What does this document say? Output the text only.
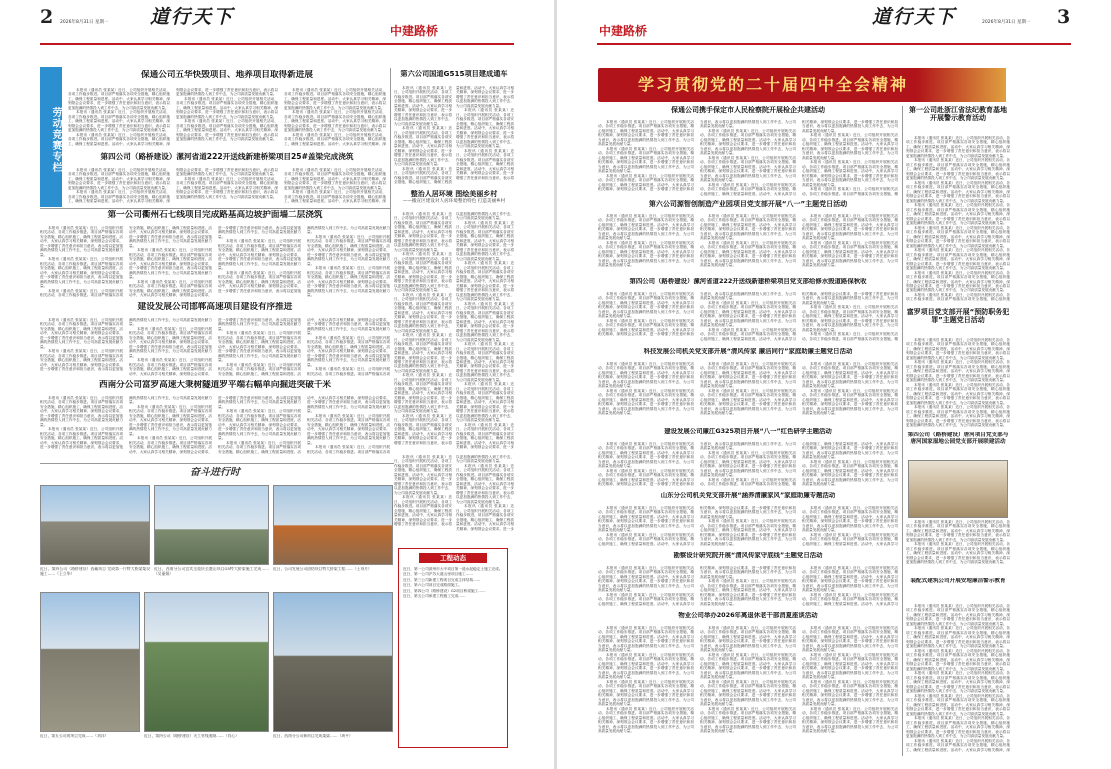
2 2026年8月31日 星期一 道行天下
中建路桥
劳动竞赛专栏
保通公司五华快毁项目、地养项目取得新进展

本报讯（通讯员 张某某）近日，公司组织开展相关活动，各项工作稳步推进。项目部严格落实各项安全措施，精心组织施工，确保工程质量和进度。活动中，大家认真学习相关精神，深刻领会会议要求，进一步增强了责任意识和担当意识，表示将以更加饱满的热情投入到工作中去，为公司高质量发展贡献力量。

本报讯（通讯员 张某某）近日，公司组织开展相关活动，各项工作稳步推进。项目部严格落实各项安全措施，精心组织施工，确保工程质量和进度。活动中，大家认真学习相关精神，深刻领会会议要求，进一步增强了责任意识和担当意识，表示将以更加饱满的热情投入到工作中去，为公司高质量发展贡献力量。

本报讯（通讯员 张某某）近日，公司组织开展相关活动，各项工作稳步推进。项目部严格落实各项安全措施，精心组织施工，确保工程质量和进度。活动中，大家认真学习相关精神，深刻领会会议要求，进一步增强了责任意识和担当意识，表示将以更加饱满的热情投入到工作中去，为公司高质量发展贡献力量。

本报讯（通讯员 张某某）近日，公司组织开展相关活动，各项工作稳步推进。项目部严格落实各项安全措施，精心组织施工，确保工程质量和进度。活动中，大家认真学习相关精神，深刻领会会议要求，进一步增强了责任意识和担当意识，表示将以更加饱满的热情投入到工作中去，为公司高质量发展贡献力量。

本报讯（通讯员 张某某）近日，公司组织开展相关活动，各项工作稳步推进。项目部严格落实各项安全措施，精心组织施工，确保工程质量和进度。活动中，大家认真学习相关精神，深刻领会会议要求，进一步增强了责任意识和担当意识，表示将以更加饱满的热情投入到工作中去，为公司高质量发展贡献力量。

本报讯（通讯员 张某某）近日，公司组织开展相关活动，各项工作稳步推进。项目部严格落实各项安全措施，精心组织施工，确保工程质量和进度。活动中，大家认真学习相关精神，深刻领会会议要求，进一步增强了责任意识和担当意识，表示将以更加饱满的热情投入到工作中去，为公司高质量发展贡献力量。

本报讯（通讯员 张某某）近日，公司组织开展相关活动，各项工作稳步推进。项目部严格落实各项安全措施，精心组织施工，确保工程质量和进度。活动中，大家认真学习相关精神，深刻领会会议要求，进一步增强了责任意识和担当意识，表示将以更加饱满的热情投入到工作中去，为公司高质量发展贡献力量。

本报讯（通讯员 张某某）近日，公司组织开展相关活动，各项工作稳步推进。项目部严格落实各项安全措施，精心组织施工，确保工程质量和进度。活动中，大家认真学习相关精神，深

第四公司（路桥建设）漯河省道222开送线新建桥梁项目25#盖梁完成浇筑

本报讯（通讯员 张某某）近日，公司组织开展相关活动，各项工作稳步推进。项目部严格落实各项安全措施，精心组织施工，确保工程质量和进度。活动中，大家认真学习相关精神，深刻领会会议要求，进一步增强了责任意识和担当意识，表示将以更加饱满的热情投入到工作中去，为公司高质量发展贡献力量。

本报讯（通讯员 张某某）近日，公司组织开展相关活动，各项工作稳步推进。项目部严格落实各项安全措施，精心组织施工，确保工程质量和进度。活动中，大家认真学习相关精神，深刻领会会议要求，进一步增强了责任意识和担当意识，表示将以更加饱满的热情投入到工作中去，为公司高质量发展贡献力量。

本报讯（通讯员 张某某）近日，公司组织开展相关活动，各项工作稳步推进。项目部严格落实各项安全措施，精心组织施工，确保工程质量和进度。活动中，大家认真学习相关精神，深刻领会会议要求，进一步增强了责任意识和担当意识，表示将以更加饱满的热情投入到工作中去，为公司高质量发展贡献力量。

本报讯（通讯员 张某某）近日，公司组织开展相关活动，各项工作稳步推进。项目部严格落实各项安全措施，精心组织施工，确保工程质量和进度。活动中，大家认真学习相关精神，深刻领会会议要求，进一步增强了责任意识和担当意识，表示将以更加饱满的热情投入到工作中去，为公司高质量发展贡献力量。

本报讯（通讯员 张某某）近日，公司组织开展相关活动，各项工作稳步推进。项目部严格落实各项安全措施，精心组织施工，确保工程质量和进度。活动中，大家认真学习相关精神，深

第六公司国道G515项目建成通车

本报讯（通讯员 张某某）近日，公司组织开展相关活动，各项工作稳步推进。项目部严格落实各项安全措施，精心组织施工，确保工程质量和进度。活动中，大家认真学习相关精神，深刻领会会议要求，进一步增强了责任意识和担当意识，表示将以更加饱满的热情投入到工作中去，为公司高质量发展贡献力量。

本报讯（通讯员 张某某）近日，公司组织开展相关活动，各项工作稳步推进。项目部严格落实各项安全措施，精心组织施工，确保工程质量和进度。活动中，大家认真学习相关精神，深刻领会会议要求，进一步增强了责任意识和担当意识，表示将以更加饱满的热情投入到工作中去，为公司高质量发展贡献力量。

本报讯（通讯员 张某某）近日，公司组织开展相关活动，各项工作稳步推进。项目部严格落实各项安全措施，精心组织施工，确保工程质量和进度。活动中，大家认真学习相关精神，深刻领会会议要求，进一步增强了责任意识和担当意识，表示将以更加饱满的热情投入到工作中去，为公司高质量发展贡献力量。

本报讯（通讯员 张某某）近日，公司组织开展相关活动，各项工作稳步推进。项目部严格落实各项安全措施，精心组织施工，确保工程质量和进度。活动中，大家认真学习相关精神，深刻领会会议要求，进一步增强了责任意识和担当意识，表示将以更加饱满的热情投入到工作中去，为公司高质量发展贡献力量。

本报讯（通讯员 张某某）近日，公司组织开展相关活动，各项工作稳步推进。项目部严格落实各项安全措施，精心组织施工，确保工程质量和进度。活动中，大家认真学习相关精神，深刻领会会议要求，进一步增强了责任意识和担当意识，表示将

整治人居环境 图绘美丽乡村
——搬宣区建设对人居环境整治特色 打造美丽乡村

本报讯（通讯员 张某某）近日，公司组织开展相关活动，各项工作稳步推进。项目部严格落实各项安全措施，精心组织施工，确保工程质量和进度。活动中，大家认真学习相关精神，深刻领会会议要求，进一步增强了责任意识和担当意识，表示将以更加饱满的热情投入到工作中去，为公司高质量发展贡献力量。

本报讯（通讯员 张某某）近日，公司组织开展相关活动，各项工作稳步推进。项目部严格落实各项安全措施，精心组织施工，确保工程质量和进度。活动中，大家认真学习相关精神，深刻领会会议要求，进一步增强了责任意识和担当意识，表示将以更加饱满的热情投入到工作中去，为公司高质量发展贡献力量。

本报讯（通讯员 张某某）近日，公司组织开展相关活动，各项工作稳步推进。项目部严格落实各项安全措施，精心组织施工，确保工程质量和进度。活动中，大家认真学习相关精神，深刻领会会议要求，进一步增强了责任意识和担当意识，表示将以更加饱满的热情投入到工作中去，为公司高质量发展贡献力量。

本报讯（通讯员 张某某）近日，公司组织开展相关活动，各项工作稳步推进。项目部严格落实各项安全措施，精心组织施工，确保工程质量和进度。活动中，大家认真学习相关精神，深刻领会会议要求，进一步增强了责任意识和担当意识，表示将以更加饱满的热情投入到工作中去，为公司高质量发展贡献力量。

本报讯（通讯员 张某某）近日，公司组织开展相关活动，各项工作稳步推进。项目部严格落实各项安全措施，精心组织施工，确保工程质量和进度。活动中，大家认真学习相关精神，深刻领会会议要求，进一步增强了责任意识和担当意识，表示将以更加饱满的热情投入到工作中去，为公司高质量发展贡献力量。

本报讯（通讯员 张某某）近日，公司组织开展相关活动，各项工作稳步推进。项目部严格落实各项安全措施，精心组织施工，确保工程质量和进度。活动中，大家认真学习相关精神，深刻领会会议要求，进一步增强了责任意识和担当意识，表示将以更加饱满的热情投入到工作中去，为公司高质量发展贡献力量。

本报讯（通讯员 张某某）近日，公司组织开展相关活动，各项工作稳步推进。项目部严格落实各项安全措施，精心组织施工，确保工程质量和进度。活动中，大家认真学习相关精神，深刻领会会议要求，进一步增强了责任意识和担当意识，表示将以更加饱满的热情投入到工作中去，为公司高质量发展贡献力量。

本报讯（通讯员 张某某）近日，公司组织开展相关活动，各项工作稳步推进。项目部严格落实各项安全措施，精心组织施工，确保工程质量和进度。活动中，大家认真学习相关精神，深刻领会会议要求，进一步增强了责任意识和担当意识，表示将以更加饱满的热情投入到工作中去，为公司高质量发展贡献力量。

本报讯（通讯员 张某某）近日，公司组织开展相关活动，各项工作稳步推进。项目部严格落实各项安全措施，精心组织施工，确保工程质量和进度。活动中，大家认真学习相关精神，深刻领会会议要求，进一步增强了责任意识和担当意识，表示将以更加饱满的热情投入到工作中去，为公司高质量发展贡献力量。

本报讯（通讯员 张某某）近日，公司组织开展相关活动，各项工作稳步推进。项目部严格落实各项安全措施，精心组织施工，确保工程质量和进度。活动中，大家认真学习相关精神，深刻领会会议要求，进一步增强了责任意识和担当意识，表示将以更加饱满的热情投入到工作中去，为公司高质量发展贡献力量。

本报讯（通讯员 张某某）近日，公司组织开展相关活动，各项工作稳步推进。项目部严格落实各项安全措施，精心组织施工，确保工程质量和进度。活动中，大家认真学习相关精神，深刻领会会议要求，进一步增强了责任意识和担当意识，表示将以更加饱满的热情投入到工作中去，为公司高质量发展贡献力量。

本报讯（通讯员 张某某）近日，公司组织开展相关活动，各项工作稳步推进。项目部严格落实各项安全措施，精心组织施工，确保工程质量和进度。活动中，大家认真学习相关精神，深刻领会会议要求，进一步

第一公司衢州石七线项目完成路基高边坡护面墙二层浇筑

本报讯（通讯员 张某某）近日，公司组织开展相关活动，各项工作稳步推进。项目部严格落实各项安全措施，精心组织施工，确保工程质量和进度。活动中，大家认真学习相关精神，深刻领会会议要求，进一步增强了责任意识和担当意识，表示将以更加饱满的热情投入到工作中去，为公司高质量发展贡献力量。

本报讯（通讯员 张某某）近日，公司组织开展相关活动，各项工作稳步推进。项目部严格落实各项安全措施，精心组织施工，确保工程质量和进度。活动中，大家认真学习相关精神，深刻领会会议要求，进一步增强了责任意识和担当意识，表示将以更加饱满的热情投入到工作中去，为公司高质量发展贡献力量。

本报讯（通讯员 张某某）近日，公司组织开展相关活动，各项工作稳步推进。项目部严格落实各项安全措施，精心组织施工，确保工程质量和进度。活动中，大家认真学习相关精神，深刻领会会议要求，进一步增强了责任意识和担当意识，表示将以更加饱满的热情投入到工作中去，为公司高质量发展贡献力量。

本报讯（通讯员 张某某）近日，公司组织开展相关活动，各项工作稳步推进。项目部严格落实各项安全措施，精心组织施工，确保工程质量和进度。活动中，大家认真学习相关精神，深刻领会会议要求，进一步增强了责任意识和担当意识，表示将以更加饱满的热情投入到工作中去，为公司高质量发展贡献力量。

本报讯（通讯员 张某某）近日，公司组织开展相关活动，各项工作稳步推进。项目部严格落实各项安全措施，精心组织施工，确保工程质量和进度。活动中，大家认真学习相关精神，深刻领会会议要求，进一步增强了责任意识和担当意识，表示将以更加饱满的热情投入到工作中去，为公司高质量发展贡献力量。

本报讯（通讯员 张某某）近日，公司组织开展相关活动，各项工作稳步推进。项目部严格落实各项安全措施，精心组织施工，确保工程质量和进度。活动中，大家认真学习相关精神，深刻领会会议要求，进一步增强了责任意识和担当意识，表示将以更加饱满的热情投入到工作中去，为公司高质量发展贡献力量。

本报讯（通讯员 张某某）近日，公司组织开展相关活动，各项工作稳步推进。项目部严格落实各项安全措施，精心组织施工，确保工程质量和进度。活动中，大家认真学习相关精神，深刻领会会议要求，进一步增强了责任意识和担当意识，表示将以更加饱满的热情投入到工作中去，为公司高质量发展贡献力量。

本报讯（通讯员 张某某）近日，公司组织开展相关活动，各项工作稳步推进。项目部严格落实各项安全措施，精心组织施工，确保工程质量和进度。活动中，大家认真学习相关精神，深刻领会会议要求，进一步增强了责任意识和担当意识，表示将以更加饱满的热情投入到工作中去，为公司高质量发展贡献力量。

本报讯（通讯员 张某某）近日，公司组织开展相关活动，各项工作稳步推进。项目部严格落实各项安全措施，精心组织施工，确保工程质量和进度。活动中，大家认真学习相关精神，深刻领会会议要求，进一步增强了责任意识和担当意识，表示将以更加饱满的热情投入到工作中去，为公司高质量发展贡献力量。

建设发展公司邯郸高速项目建设有序推进

本报讯（通讯员 张某某）近日，公司组织开展相关活动，各项工作稳步推进。项目部严格落实各项安全措施，精心组织施工，确保工程质量和进度。活动中，大家认真学习相关精神，深刻领会会议要求，进一步增强了责任意识和担当意识，表示将以更加饱满的热情投入到工作中去，为公司高质量发展贡献力量。

本报讯（通讯员 张某某）近日，公司组织开展相关活动，各项工作稳步推进。项目部严格落实各项安全措施，精心组织施工，确保工程质量和进度。活动中，大家认真学习相关精神，深刻领会会议要求，进一步增强了责任意识和担当意识，表示将以更加饱满的热情投入到工作中去，为公司高质量发展贡献力量。

本报讯（通讯员 张某某）近日，公司组织开展相关活动，各项工作稳步推进。项目部严格落实各项安全措施，精心组织施工，确保工程质量和进度。活动中，大家认真学习相关精神，深刻领会会议要求，进一步增强了责任意识和担当意识，表示将以更加饱满的热情投入到工作中去，为公司高质量发展贡献力量。

本报讯（通讯员 张某某）近日，公司组织开展相关活动，各项工作稳步推进。项目部严格落实各项安全措施，精心组织施工，确保工程质量和进度。活动中，大家认真学习相关精神，深刻领会会议要求，进一步增强了责任意识和担当意识，表示将以更加饱满的热情投入到工作中去，为公司高质量发展贡献力量。

本报讯（通讯员 张某某）近日，公司组织开展相关活动，各项工作稳步推进。项目部严格落实各项安全措施，精心组织施工，确保工程质量和进度。活动中，大家认真学习相关精神，深刻领会会议要求，进一步增强了责任意识和担当意识，表示将以更加饱满的热情投入到工作中去，为公司高质量发展贡献力量。

本报讯（通讯员 张某某）近日，公司组织开展相关活动，各项工作稳步推进。项目部严格落实各项安全措施，精心组织施工，确保工程质量和进度。活动中，大家认真学习相关精神，深刻领会会议要求，进一步增强了责任意识和担当意识，表示将以更加饱满的热情投入到工作中去，为公司高质量发展贡献力量。

本报讯（通讯员 张某某）近日，公司组织开展相关活动，各项工作稳步推进。项目部严格落实各项安全措施，精心组织施工，确保工程质量和进度。活动中，大家认真学习相关精神，深刻领会会议要求，进一步增强了责任意识和担当意识，表示将以更加饱满的热情投入到工作中去，为公司高质量发展贡献力量。

本报讯（通讯员 张某某）近日，公司组织开展相关活动，各项工作稳步推进。项目部严格落实各项

西南分公司富罗高速大秉树隧道罗平端右幅单向掘进突破千米

本报讯（通讯员 张某某）近日，公司组织开展相关活动，各项工作稳步推进。项目部严格落实各项安全措施，精心组织施工，确保工程质量和进度。活动中，大家认真学习相关精神，深刻领会会议要求，进一步增强了责任意识和担当意识，表示将以更加饱满的热情投入到工作中去，为公司高质量发展贡献力量。

本报讯（通讯员 张某某）近日，公司组织开展相关活动，各项工作稳步推进。项目部严格落实各项安全措施，精心组织施工，确保工程质量和进度。活动中，大家认真学习相关精神，深刻领会会议要求，进一步增强了责任意识和担当意识，表示将以更加饱满的热情投入到工作中去，为公司高质量发展贡献力量。

本报讯（通讯员 张某某）近日，公司组织开展相关活动，各项工作稳步推进。项目部严格落实各项安全措施，精心组织施工，确保工程质量和进度。活动中，大家认真学习相关精神，深刻领会会议要求，进一步增强了责任意识和担当意识，表示将以更加饱满的热情投入到工作中去，为公司高质量发展贡献力量。

本报讯（通讯员 张某某）近日，公司组织开展相关活动，各项工作稳步推进。项目部严格落实各项安全措施，精心组织施工，确保工程质量和进度。活动中，大家认真学习相关精神，深刻领会会议要求，进一步增强了责任意识和担当意识，表示将以更加饱满的热情投入到工作中去，为公司高质量发展贡献力量。

本报讯（通讯员 张某某）近日，公司组织开展相关活动，各项工作稳步推进。项目部严格落实各项安全措施，精心组织施工，确保工程质量和进度。活动中，大家认真学习相关精神，深刻领会会议要求，进一步增强了责任意识和担当意识，表示将以更加饱满的热情投入到工作中去，为公司高质量发展贡献力量。

本报讯（通讯员 张某某）近日，公司组织开展相关活动，各项工作稳步推进。项目部严格落实各项安全措施，精心组织施工，确保工程质量和进度。活动中，大家认真学习相关精神，深刻领会会议要求，进一步增强了责任意识和担当意识，表示将以更加饱满的热情投入到工作中去，为公司高质量发展贡献力量。

本报讯（通讯员 张某某）近日，公司组织开展相关活动，各项工作稳步推进。项目部严格落实各项安全措施，精心组织施工，确保工程质量和进度。活动中，大家认真学习相关精神，深刻领会会议要求，进一步增强了责任意识和担当意识，表示将以更加饱满的热情投入到工作中去，为公司高质量发展贡献力量。

本报讯（通讯员 张某某）近日，公司组织开展相关活动，各项工作稳步推进。项目部严格落实各项

本报讯（通讯员 张某某）近日，公司组织开展相关活动，各项工作稳步推进。项目部严格落实各项安全措施，精心组织施工，确保工程质量和进度。活动中，大家认真学习相关精神，深刻领会会议要求，进一步增强了责任意识和担当意识，表示将以更加饱满的热情投入到工作中去，为公司高质量发展贡献力量。

本报讯（通讯员 张某某）近日，公司组织开展相关活动，各项工作稳步推进。项目部严格落实各项安全措施，精心组织施工，确保工程质量和进度。活动中，大家认真学习相关精神，深刻领会会议要求，进一步增强了责任意识和担当意识，表示将以更加饱满的热情投入到工作中去，为公司高质量发展贡献力量。

本报讯（通讯员 张某某）近日，公司组织开展相关活动，各项工作稳步推进。项目部严格落实各项安全措施，精心组织施工，确保工程质量和进度。活动中，大家认真学习相关精神，深刻领会会议要求，进一步增强了责任意识和担当意识，表示将以更加饱满的热情投入到工作中去，为公司高质量发展贡献力量。

本报讯（通讯员 张某某）近日，公司组织开展相关活动，各项工作稳步推进。项目部严格落实各项安全措施，精心组织施工，确保工程质量和进度。活动中，大家认真学习相关精神，深刻领会会议要求，进一步

奋斗进行时
近日，第四公司（路桥建设）西藏项目 完成第一片特大桥梁架设施工……（王立华）
近日，西南分公司宜宾至重庆至港山项目G5特大桥梁施工完成……（吴丽娟）
近日，公司发展公司团结项目特大桥梁工程……（王诗月）
近日，第五公司的项目完成……（刘洋）	近日，第四公司（路桥建设）关工管线道路……（肖心）	近日，西南分公司新项目完成架梁……（周平）
工程动态

近日，第一公司滨州市大中项目第一道水泥稳定土施工完成。

近日，第一公司沪苏大道山里项目施工……

近日，第三公司新建工程项目完成主体结构……

近日，第六公司项目完成路面施工。

近日，第四公司（路桥建设）G2项目桥梁施工……

近日，第五公司承建工程施工完成……

中建路桥
道行天下	2026年8月31日 星期一 3
学习贯彻党的二十届四中全会精神
保通公司携手保定市人民检察院开展检企共建活动

本报讯（通讯员 张某某）近日，公司组织开展相关活动，各项工作稳步推进。项目部严格落实各项安全措施，精心组织施工，确保工程质量和进度。活动中，大家认真学习相关精神，深刻领会会议要求，进一步增强了责任意识和担当意识，表示将以更加饱满的热情投入到工作中去，为公司高质量发展贡献力量。

本报讯（通讯员 张某某）近日，公司组织开展相关活动，各项工作稳步推进。项目部严格落实各项安全措施，精心组织施工，确保工程质量和进度。活动中，大家认真学习相关精神，深刻领会会议要求，进一步增强了责任意识和担当意识，表示将以更加饱满的热情投入到工作中去，为公司高质量发展贡献力量。

本报讯（通讯员 张某某）近日，公司组织开展相关活动，各项工作稳步推进。项目部严格落实各项安全措施，精心组织施工，确保工程质量和进度。活动中，大家认真学习相关精神，深刻领会会议要求，进一步增强了责任意识和担当意识，表示将以更加饱满的热情投入到工作中去，为公司高质量发展贡献力量。

本报讯（通讯员 张某某）近日，公司组织开展相关活动，各项工作稳步推进。项目部严格落实各项安全措施，精心组织施工，确保工程质量和进度。活动中，大家认真学习相关精神，深刻领会会议要求，进一步增强了责任意识和担当意识，表示将以更加饱满的热情投入到工作中去，为公司高质量发展贡献力量。

本报讯（通讯员 张某某）近日，公司组织开展相关活动，各项工作稳步推进。项目部严格落实各项安全措施，精心组织施工，确保工程质量和进度。活动中，大家认真学习相关精神，深刻领会会议要求，进一步增强了责任意识和担当意识，表示将以更加饱满的热情投入到工作中去，为公司高质量发展贡献力量。

本报讯（通讯员 张某某）近日，公司组织开展相关活动，各项工作稳步推进。项目部严格落实各项安全措施，精心组织施工，确保工程质量和进度。活动中，大家认真学习相关精神，深刻领会会议要求，进一步增强了责任意识和担当意识，表示将以更加饱满的热情投入到工作中去，为公司高质量发展贡献力量。

本报讯（通讯员 张某某）近日，公司组织开展相关活动，各项工作稳步推进。项目部严格落实各项安全措施，精心组织施工，确保工程质量和进度。活动中，大家认真学习相关精神，深刻领会会议要求，进一步增强了责任意识和担当意识，表示将以更加饱满的热情投入到工作中去，为公司高质量发展贡献力量。

本报讯（通讯员 张某某）近日，公司组织开展相关活动，各项工作稳步推进。项目部严格落实各项安全措施，精心组织施工，确保工程质量和进度。活动中，大家认真学习相关精神，深刻领会会议要求，进一步增强了责任意识和担当意识，表示将以更加饱满的热情投入到工作中去，为公司高质量发展贡献力量。

本报讯（通讯员 张某某）近日，公司组织开展相关活动，各项工作稳步推进。项目部严格落实各项安全措施，精

第一公司赴浙江省法纪教育基地开展警示教育活动

本报讯（通讯员 张某某）近日，公司组织开展相关活动，各项工作稳步推进。项目部严格落实各项安全措施，精心组织施工，确保工程质量和进度。活动中，大家认真学习相关精神，深刻领会会议要求，进一步增强了责任意识和担当意识，表示将以更加饱满的热情投入到工作中去，为公司高质量发展贡献力量。

本报讯（通讯员 张某某）近日，公司组织开展相关活动，各项工作稳步推进。项目部严格落实各项安全措施，精心组织施工，确保工程质量和进度。活动中，大家认真学习相关精神，深刻领会会议要求，进一步增强了责任意识和担当意识，表示将以更加饱满的热情投入到工作中去，为公司高质量发展贡献力量。

本报讯（通讯员 张某某）近日，公司组织开展相关活动，各项工作稳步推进。项目部严格落实各项安全措施，精心组织施工，确保工程质量和进度。活动中，大家认真学习相关精神，深刻领会会议要求，进一步增强了责任意识和担当意识，表示将以更加饱满的热情投入到工作中去，为公司高质量发展贡献力量。

本报讯（通讯员 张某某）近日，公司组织开展相关活动，各项工作稳步推进。项目部严格落实各项安全措施，精心组织施工，确保工程质量和进度。活动中，大家认真学习相关精神，深刻领会会议要求，进一步增强了责任意识和担当意识，表示将以更加饱满的热情投入到工作中去，为公司高质量发展贡献力量。

本报讯（通讯员 张某某）近日，公司组织开展相关活动，各项工作稳步推进。项目部严格落实各项安全措施，精心组织施工，确保工程质量和进度。活动中，大家认真学习相关精神，深刻领会会议要求，进一步增强了责任意识和担当意识，表示将以更加饱满的热情投入到工作中去，为公司高质量发展贡献力量。

本报讯（通讯员 张某某）近日，公司组织开展相关活动，各项工作稳步推进。项目部严格落实各项安全措施，精心组织施工，确保工程质量和进度。活动中，大家认真学习相关精神，深刻领会会议要求，进一步增强了责任意识和担当意识，表示将以更加饱满的热情投入到工作中去，为公司高质量发展贡献力量。

本报讯（通讯员 张某某）近日，公司组织开展相关活动，各项工作稳步推进。项目部严格落实各项安全措施，精心组织施工，确保工程质量和进度。活动中，大家认真学习相关精神，深刻领会会议要求，进一步增强了责任意识和担当意识，表示将以更加饱满的热情投入到工作中去，为公司高质量发展贡献力量。

本报讯（通讯员 张某某）近日，公司组织开展相关活动，各项工作稳步推进。项目部严格落实各项安全措施，精心组织施

第六公司源智创制造产业园项目党支部开展“八一”主题党日活动

本报讯（通讯员 张某某）近日，公司组织开展相关活动，各项工作稳步推进。项目部严格落实各项安全措施，精心组织施工，确保工程质量和进度。活动中，大家认真学习相关精神，深刻领会会议要求，进一步增强了责任意识和担当意识，表示将以更加饱满的热情投入到工作中去，为公司高质量发展贡献力量。

本报讯（通讯员 张某某）近日，公司组织开展相关活动，各项工作稳步推进。项目部严格落实各项安全措施，精心组织施工，确保工程质量和进度。活动中，大家认真学习相关精神，深刻领会会议要求，进一步增强了责任意识和担当意识，表示将以更加饱满的热情投入到工作中去，为公司高质量发展贡献力量。

本报讯（通讯员 张某某）近日，公司组织开展相关活动，各项工作稳步推进。项目部严格落实各项安全措施，精心组织施工，确保工程质量和进度。活动中，大家认真学习相关精神，深刻领会会议要求，进一步增强了责任意识和担当意识，表示将以更加饱满的热情投入到工作中去，为公司高质量发展贡献力量。

本报讯（通讯员 张某某）近日，公司组织开展相关活动，各项工作稳步推进。项目部严格落实各项安全措施，精心组织施工，确保工程质量和进度。活动中，大家认真学习相关精神，深刻领会会议要求，进一步增强了责任意识和担当意识，表示将以更加饱满的热情投入到工作中去，为公司高质量发展贡献力量。

本报讯（通讯员 张某某）近日，公司组织开展相关活动，各项工作稳步推进。项目部严格落实各项安全措施，精心组织施工，确保工程质量和进度。活动中，大家认真学习相关精神，深刻领会会议要求，进一步增强了责任意识和担当意识，表示将以更加饱满的热情投入到工作中去，为公司高质量发展贡献力量。

本报讯（通讯员 张某某）近日，公司组织开展相关活动，各项工作稳步推进。项目部严格落实各项安全措施，精心组织施工，确保工程质量和进度。活动中，大家认真学习相关精神，深刻领会会议要求，进一步增强了责任意识和担当意识，表示将以更加饱满的热情投入到工作中去，为公司高质量发展贡献力量。

第四公司（路桥建设）漯河省道222开送线新建桥梁项目党支部给修水毁道路保秋收

本报讯（通讯员 张某某）近日，公司组织开展相关活动，各项工作稳步推进。项目部严格落实各项安全措施，精心组织施工，确保工程质量和进度。活动中，大家认真学习相关精神，深刻领会会议要求，进一步增强了责任意识和担当意识，表示将以更加饱满的热情投入到工作中去，为公司高质量发展贡献力量。

本报讯（通讯员 张某某）近日，公司组织开展相关活动，各项工作稳步推进。项目部严格落实各项安全措施，精心组织施工，确保工程质量和进度。活动中，大家认真学习相关精神，深刻领会会议要求，进一步增强了责任意识和担当意识，表示将以更加饱满的热情投入到工作中去，为公司高质量发展贡献力量。

本报讯（通讯员 张某某）近日，公司组织开展相关活动，各项工作稳步推进。项目部严格落实各项安全措施，精心组织施工，确保工程质量和进度。活动中，大家认真学习相关精神，深刻领会会议要求，进一步增强了责任意识和担当意识，表示将以更加饱满的热情投入到工作中去，为公司高质量发展贡献力量。

本报讯（通讯员 张某某）近日，公司组织开展相关活动，各项工作稳步推进。项目部严格落实各项安全措施，精心组织施工，确保工程质量和进度。活动中，大家认真学习相关精神，深刻领会会议要求，进一步增强了责任意识和担当意识，表示将以更加饱满的热情投入到工作中去，为公司高质量发展贡献力量。

本报讯（通讯员 张某某）近日，公司组织开展相关活动，各项工作稳步推进。项目部严格落实各项安全措施，精心组织施工，确保工程质量和进度。活动中，大家认真学习相关精神，深刻领会会议要求，进一步增强了责任意识和担当意识，表示将以更加饱满的热情投入到工作中去，为公司高质量发展贡献力量。

本报讯（通讯员 张某某）近日，公司组织开展相关活动，各项工作稳步推进。项目部严格落实各项安全措施，精

富罗项目党支部开展“预防职务犯罪”主题党日活动

本报讯（通讯员 张某某）近日，公司组织开展相关活动，各项工作稳步推进。项目部严格落实各项安全措施，精心组织施工，确保工程质量和进度。活动中，大家认真学习相关精神，深刻领会会议要求，进一步增强了责任意识和担当意识，表示将以更加饱满的热情投入到工作中去，为公司高质量发展贡献力量。

本报讯（通讯员 张某某）近日，公司组织开展相关活动，各项工作稳步推进。项目部严格落实各项安全措施，精心组织施工，确保工程质量和进度。活动中，大家认真学习相关精神，深刻领会会议要求，进一步增强了责任意识和担当意识，表示将以更加饱满的热情投入到工作中去，为公司高质量发展贡献力量。

本报讯（通讯员 张某某）近日，公司组织开展相关活动，各项工作稳步推进。项目部严格落实各项安全措施，精心组织施工，确保工程质量和进度。活动中，大家认真学习相关精神，深刻领会会议要求，进一步增强了责任意识和担当意识，表示将以更加饱满的热情投入到工作中去，为公司高质量发展贡献力量。

本报讯（通讯员 张某某）近日，公司组织开展相关活动，各项工作稳步推进。项目部严格落实各项安全措施，精心组织施工，确保工程质量和进度。活动中，大家认真学习相关精神，深刻领会会议要求，进一步增强了责任意识和担当意识，表示将以更加饱满的热情投入到工作中去，为公司高质量发展贡献力量。

科技发展公司机关党支部开展“清风传家 廉洁同行”家庭助廉主题党日活动

本报讯（通讯员 张某某）近日，公司组织开展相关活动，各项工作稳步推进。项目部严格落实各项安全措施，精心组织施工，确保工程质量和进度。活动中，大家认真学习相关精神，深刻领会会议要求，进一步增强了责任意识和担当意识，表示将以更加饱满的热情投入到工作中去，为公司高质量发展贡献力量。

本报讯（通讯员 张某某）近日，公司组织开展相关活动，各项工作稳步推进。项目部严格落实各项安全措施，精心组织施工，确保工程质量和进度。活动中，大家认真学习相关精神，深刻领会会议要求，进一步增强了责任意识和担当意识，表示将以更加饱满的热情投入到工作中去，为公司高质量发展贡献力量。

本报讯（通讯员 张某某）近日，公司组织开展相关活动，各项工作稳步推进。项目部严格落实各项安全措施，精心组织施工，确保工程质量和进度。活动中，大家认真学习相关精神，深刻领会会议要求，进一步增强了责任意识和担当意识，表示将以更加饱满的热情投入到工作中去，为公司高质量发展贡献力量。

本报讯（通讯员 张某某）近日，公司组织开展相关活动，各项工作稳步推进。项目部严格落实各项安全措施，精心组织施工，确保工程质量和进度。活动中，大家认真学习相关精神，深刻领会会议要求，进一步增强了责任意识和担当意识，表示将以更加饱满的热情投入到工作中去，为公司高质量发展贡献力量。

本报讯（通讯员 张某某）近日，公司组织开展相关活动，各项工作稳步推进。项目部严格落实各项安全措施，精心组织施工，确保工程质量和进度。活动中，大家认真学习相关精神，深刻领会会议要求，进一步增强了责任意识和担当意识，表示将以更加饱满的热情投入到工作中去，为公司高质量发展贡献力量。

本报讯（通讯员 张某某）近日，公司组织开展相关活动，各项工作稳步推进。项目部严格落实各项安全措施，精心组织施工，确保工程质量和进度。活动中，大家认真学习相关精神，深刻领会会议要求，进一步增强了责任意识和担当意识，表示将以更加饱满的热情投入到工作中去，为公司高质量发展贡献力量。

建设发展公司廉江G325项目开展“八一”红色研学主题活动

本报讯（通讯员 张某某）近日，公司组织开展相关活动，各项工作稳步推进。项目部严格落实各项安全措施，精心组织施工，确保工程质量和进度。活动中，大家认真学习相关精神，深刻领会会议要求，进一步增强了责任意识和担当意识，表示将以更加饱满的热情投入到工作中去，为公司高质量发展贡献力量。

本报讯（通讯员 张某某）近日，公司组织开展相关活动，各项工作稳步推进。项目部严格落实各项安全措施，精心组织施工，确保工程质量和进度。活动中，大家认真学习相关精神，深刻领会会议要求，进一步增强了责任意识和担当意识，表示将以更加饱满的热情投入到工作中去，为公司高质量发展贡献力量。

本报讯（通讯员 张某某）近日，公司组织开展相关活动，各项工作稳步推进。项目部严格落实各项安全措施，精心组织施工，确保工程质量和进度。活动中，大家认真学习相关精神，深刻领会会议要求，进一步增强了责任意识和担当意识，表示将以更加饱满的热情投入到工作中去，为公司高质量发展贡献力量。

本报讯（通讯员 张某某）近日，公司组织开展相关活动，各项工作稳步推进。项目部严格落实各项安全措施，精心组织施工，确保工程质量和进度。活动中，大家认真学习相关精神，深刻领会会议要求，进一步增强了责任意识和担当意识，表示将以更加饱满的热情投入到工作中去，为公司高质量发展贡献力量。

本报讯（通讯员 张某某）近日，公司组织开展相关活动，各项工作稳步推进。项目部严格落实各项安全措施，精心组织施工，确保工程质量和进度。活动中，大家认真学习相关精神，深刻领会会议要求，进一步增强了责任意识和担当意识，表示将以更加饱满的热情投入到工作中去，为公司高质量发展贡献力量。

第四公司（路桥建设）唐河项目党支部与唐河国家湿地公园党支部开展联建活动

本报讯（通讯员 张某某）近日，公司组织开展相关活动，各项工作稳步推进。项目部严格落实各项安全措施，精心组织施工，确保工程质量和进度。活动中，大家认真学习相关精神，深刻领会会议要求，进一步增强了责任意识和担当意识，表示将以更加饱满的热情投入到工作中去，为公司高质量发展贡献力量。

本报讯（通讯员 张某某）近日，公司组织开展相关活动，各项工作稳步推进。项目部严格落实各项安全措施，精心组织施工，确保工程质量和进度。活动中，大家认真学习相关精神，深刻领会会议要求，进一步增强了责任意识和担当意识，表示将以更加饱满的热情投入到工作中去，为公司高质量发展贡献力量。

山东分公司机关党支部开展“涵养清廉家风”家庭助廉专题活动

本报讯（通讯员 张某某）近日，公司组织开展相关活动，各项工作稳步推进。项目部严格落实各项安全措施，精心组织施工，确保工程质量和进度。活动中，大家认真学习相关精神，深刻领会会议要求，进一步增强了责任意识和担当意识，表示将以更加饱满的热情投入到工作中去，为公司高质量发展贡献力量。

本报讯（通讯员 张某某）近日，公司组织开展相关活动，各项工作稳步推进。项目部严格落实各项安全措施，精心组织施工，确保工程质量和进度。活动中，大家认真学习相关精神，深刻领会会议要求，进一步增强了责任意识和担当意识，表示将以更加饱满的热情投入到工作中去，为公司高质量发展贡献力量。

本报讯（通讯员 张某某）近日，公司组织开展相关活动，各项工作稳步推进。项目部严格落实各项安全措施，精心组织施工，确保工程质量和进度。活动中，大家认真学习相关精神，深刻领会会议要求，进一步增强了责任意识和担当意识，表示将以更加饱满的热情投入到工作中去，为公司高质量发展贡献力量。

本报讯（通讯员 张某某）近日，公司组织开展相关活动，各项工作稳步推进。项目部严格落实各项安全措施，精心组织施工，确保工程质量和进度。活动中，大家认真学习相关精神，深刻领会会议要求，进一步增强了责任意识和担当意识，表示将以更加饱满的热情投入到工作中去，为公司高质量发展贡献力量。

本报讯（通讯员 张某某）近日，公司组织开展相关活动，各项工作稳步推进。项目部严格落实各项安全措施，精心组织施工，确保工程质量和进度。活动中，大家认真学习

勘察设计研究院开展“清风传家守底线”主题党日活动

本报讯（通讯员 张某某）近日，公司组织开展相关活动，各项工作稳步推进。项目部严格落实各项安全措施，精心组织施工，确保工程质量和进度。活动中，大家认真学习相关精神，深刻领会会议要求，进一步增强了责任意识和担当意识，表示将以更加饱满的热情投入到工作中去，为公司高质量发展贡献力量。

本报讯（通讯员 张某某）近日，公司组织开展相关活动，各项工作稳步推进。项目部严格落实各项安全措施，精心组织施工，确保工程质量和进度。活动中，大家认真学习相关精神，深刻领会会议要求，进一步增强了责任意识和担当意识，表示将以更加饱满的热情投入到工作中去，为公司高质量发展贡献力量。

本报讯（通讯员 张某某）近日，公司组织开展相关活动，各项工作稳步推进。项目部严格落实各项安全措施，精心组织施工，确保工程质量和进度。活动中，大家认真学习相关精神，深刻领会会议要求，进一步增强了责任意识和担当意识，表示将以更加饱满的热情投入到工作中去，为公司高质量发展贡献力量。

本报讯（通讯员 张某某）近日，公司组织开展相关活动，各项工作稳步推进。项目部严格落实各项安全措施，精心组织施工，确保工程质量和进度。活动中，大家认真学习相关精神，深刻领会会议要求，进一步增强了责任意识和担当意识，表示将以更加饱满的热情投入到工作中去，为公司高质量发展贡献力量。

本报讯（通讯员 张某某）近日，公司组织开展相关活动，各项工作稳步推进。项目部严格落实各项安全措施，精心组织施工，确保工程质量和进度。活动中，大家认真学习

装配式建筑公司开展安地廉洁警示教育

本报讯（通讯员 张某某）近日，公司组织开展相关活动，各项工作稳步推进。项目部严格落实各项安全措施，精心组织施工，确保工程质量和进度。活动中，大家认真学习相关精神，深刻领会会议要求，进一步增强了责任意识和担当意识，表示将以更加饱满的热情投入到工作中去，为公司高质量发展贡献力量。

本报讯（通讯员 张某某）近日，公司组织开展相关活动，各项工作稳步推进。项目部严格落实各项安全措施，精心组织施工，确保工程质量和进度。活动中，大家认真学习相关精神，深刻领会会议要求，进一步增强了责任意识和担当意识，表示将以更加饱满的热情投入到工作中去，为公司高质量发展贡献力量。

本报讯（通讯员 张某某）近日，公司组织开展相关活动，各项工作稳步推进。项目部严格落实各项安全措施，精心组织施工，确保工程质量和进度。活动中，大家认真学习相关精神，深刻领会会议要求，进一步增强了责任意识和担当意识，表示将以更加饱满的热情投入到工作中去，为公司高质量发展贡献力量。

本报讯（通讯员 张某某）近日，公司组织开展相关活动，各项工作稳步推进。项目部严格落实各项安全措施，精心组织施工，确保工程质量和进度。活动中，大家认真学习相关精神，深刻领会会议要求，进一步增强了责任意识和担当意识，表示将以更加饱满的热情投入到工作中去，为公司高质量发展贡献力量。

本报讯（通讯员 张某某）近日，公司组织开展相关活动，各项工作稳步推进。项目部严格落实各项安全措施，精心组织施工，确保工程质量和进度。活动中，大家认真学习相关精神，深刻领会会议要求，进一步增强了责任意识和担当意识，表示将以更加饱满的热情投入到工作中去，为公司高质量发展贡献力量。

本报讯（通讯员 张某某）近日，公司组织开展相关活动，各项工作稳步推进。项目部严格落实各项安全措施，精心组织施工，确保工程质量和进度。活动中，大家认真学习相关精神，深刻领会会议要求，进一步增强了责任意识和担当意识，表示将以更加饱满的热情投入到工作中去，为公司高质量发展贡献力量。

本报讯（通讯员 张某某）近日，公司组织开展相关活动，各项工作稳步推进。项目部严格落实各项安全措施，精心组织施工，确保工程质量和进度。活动中，大家认真学习相关精神，深

物业公司举办2026年离退休老干部消夏座谈活动

本报讯（通讯员 张某某）近日，公司组织开展相关活动，各项工作稳步推进。项目部严格落实各项安全措施，精心组织施工，确保工程质量和进度。活动中，大家认真学习相关精神，深刻领会会议要求，进一步增强了责任意识和担当意识，表示将以更加饱满的热情投入到工作中去，为公司高质量发展贡献力量。

本报讯（通讯员 张某某）近日，公司组织开展相关活动，各项工作稳步推进。项目部严格落实各项安全措施，精心组织施工，确保工程质量和进度。活动中，大家认真学习相关精神，深刻领会会议要求，进一步增强了责任意识和担当意识，表示将以更加饱满的热情投入到工作中去，为公司高质量发展贡献力量。

本报讯（通讯员 张某某）近日，公司组织开展相关活动，各项工作稳步推进。项目部严格落实各项安全措施，精心组织施工，确保工程质量和进度。活动中，大家认真学习相关精神，深刻领会会议要求，进一步增强了责任意识和担当意识，表示将以更加饱满的热情投入到工作中去，为公司高质量发展贡献力量。

本报讯（通讯员 张某某）近日，公司组织开展相关活动，各项工作稳步推进。项目部严格落实各项安全措施，精心组织施工，确保工程质量和进度。活动中，大家认真学习相关精神，深刻领会会议要求，进一步增强了责任意识和担当意识，表示将以更加饱满的热情投入到工作中去，为公司高质量发展贡献力量。

本报讯（通讯员 张某某）近日，公司组织开展相关活动，各项工作稳步推进。项目部严格落实各项安全措施，精心组织施工，确保工程质量和进度。活动中，大家认真学习相关精神，深刻领会会议要求，进一步增强了责任意识和担当意识，表示将以更加饱满的热情投入到工作中去，为公司高质量发展贡献力量。

本报讯（通讯员 张某某）近日，公司组织开展相关活动，各项工作稳步推进。项目部严格落实各项安全措施，精心组织施工，确保工程质量和进度。活动中，大家认真学习相关精神，深刻领会会议要求，进一步增强了责任意识和担当意识，表示将以更加饱满的热情投入到工作中去，为公司高质量发展贡献力量。

本报讯（通讯员 张某某）近日，公司组织开展相关活动，各项工作稳步推进。项目部严格落实各项安全措施，精心组织施工，确保工程质量和进度。活动中，大家认真学习相关精神，深刻领会会议要求，进一步增强了责任意识和担当意识，表示将以更加饱满的热情投入到工作中去，为公司高质量发展贡献力量。

本报讯（通讯员 张某某）近日，公司组织开展相关活动，各项工作稳步推进。项目部严格落实各项安全措施，精心组织施工，确保工程质量和进度。活动中，大家认真学习相关精神，深刻领会会议要求，进一步增强了责任意识和担当意识，表示将以更加饱满的热情投入到工作中去，为公司高质量发展贡献力量。

本报讯（通讯员 张某某）近日，公司组织开展相关活动，各项工作稳步推进。项目部严格落实各项安全措施，精心组织施工，确保工程质量和进度。活动中，大家认真学习相关精神，深刻领会会议要求，进一步增强了责任意识和担当意识，表示将以更加饱满的热情投入到工作中去，为公司高质量发展贡献力量。

本报讯（通讯员 张某某）近日，公司组织开展相关活动，各项工作稳步推进。项目部严格落实各项安全措施，精心组织施工，确保工程质量和进度。活动中，大家认真学习相关精神，深刻领会会议要求，进一步增强了责任意识和担当意识，表示将以更加饱满的热情投入到工作中去，为公司高质量发展贡献力量。

本报讯（通讯员 张某某）近日，公司组织开展相关活动，各项工作稳步推进。项目部严格落实各项安全措施，精心组织施工，确保工程质量和进度。活动中，大家认真学习相关精神，深刻领会会议要求，进一步增强了责任意识和担当意识，表示将以更加饱满的热情投入到工作中去，为公司高质量发展贡献力量。

本报讯（通讯员 张某某）近日，公司组织开展相关活动，各项工作稳步推进。项目部严格落实各项安全措施，精心组织施工，确保工程质量和进度。活动中，大家认真学习相关精神，深刻领会会议要求，进一步增强了责任意识和担当意识，表示将以更加饱满的热情投入到工作中去，为公司高质量发展贡献力量。
